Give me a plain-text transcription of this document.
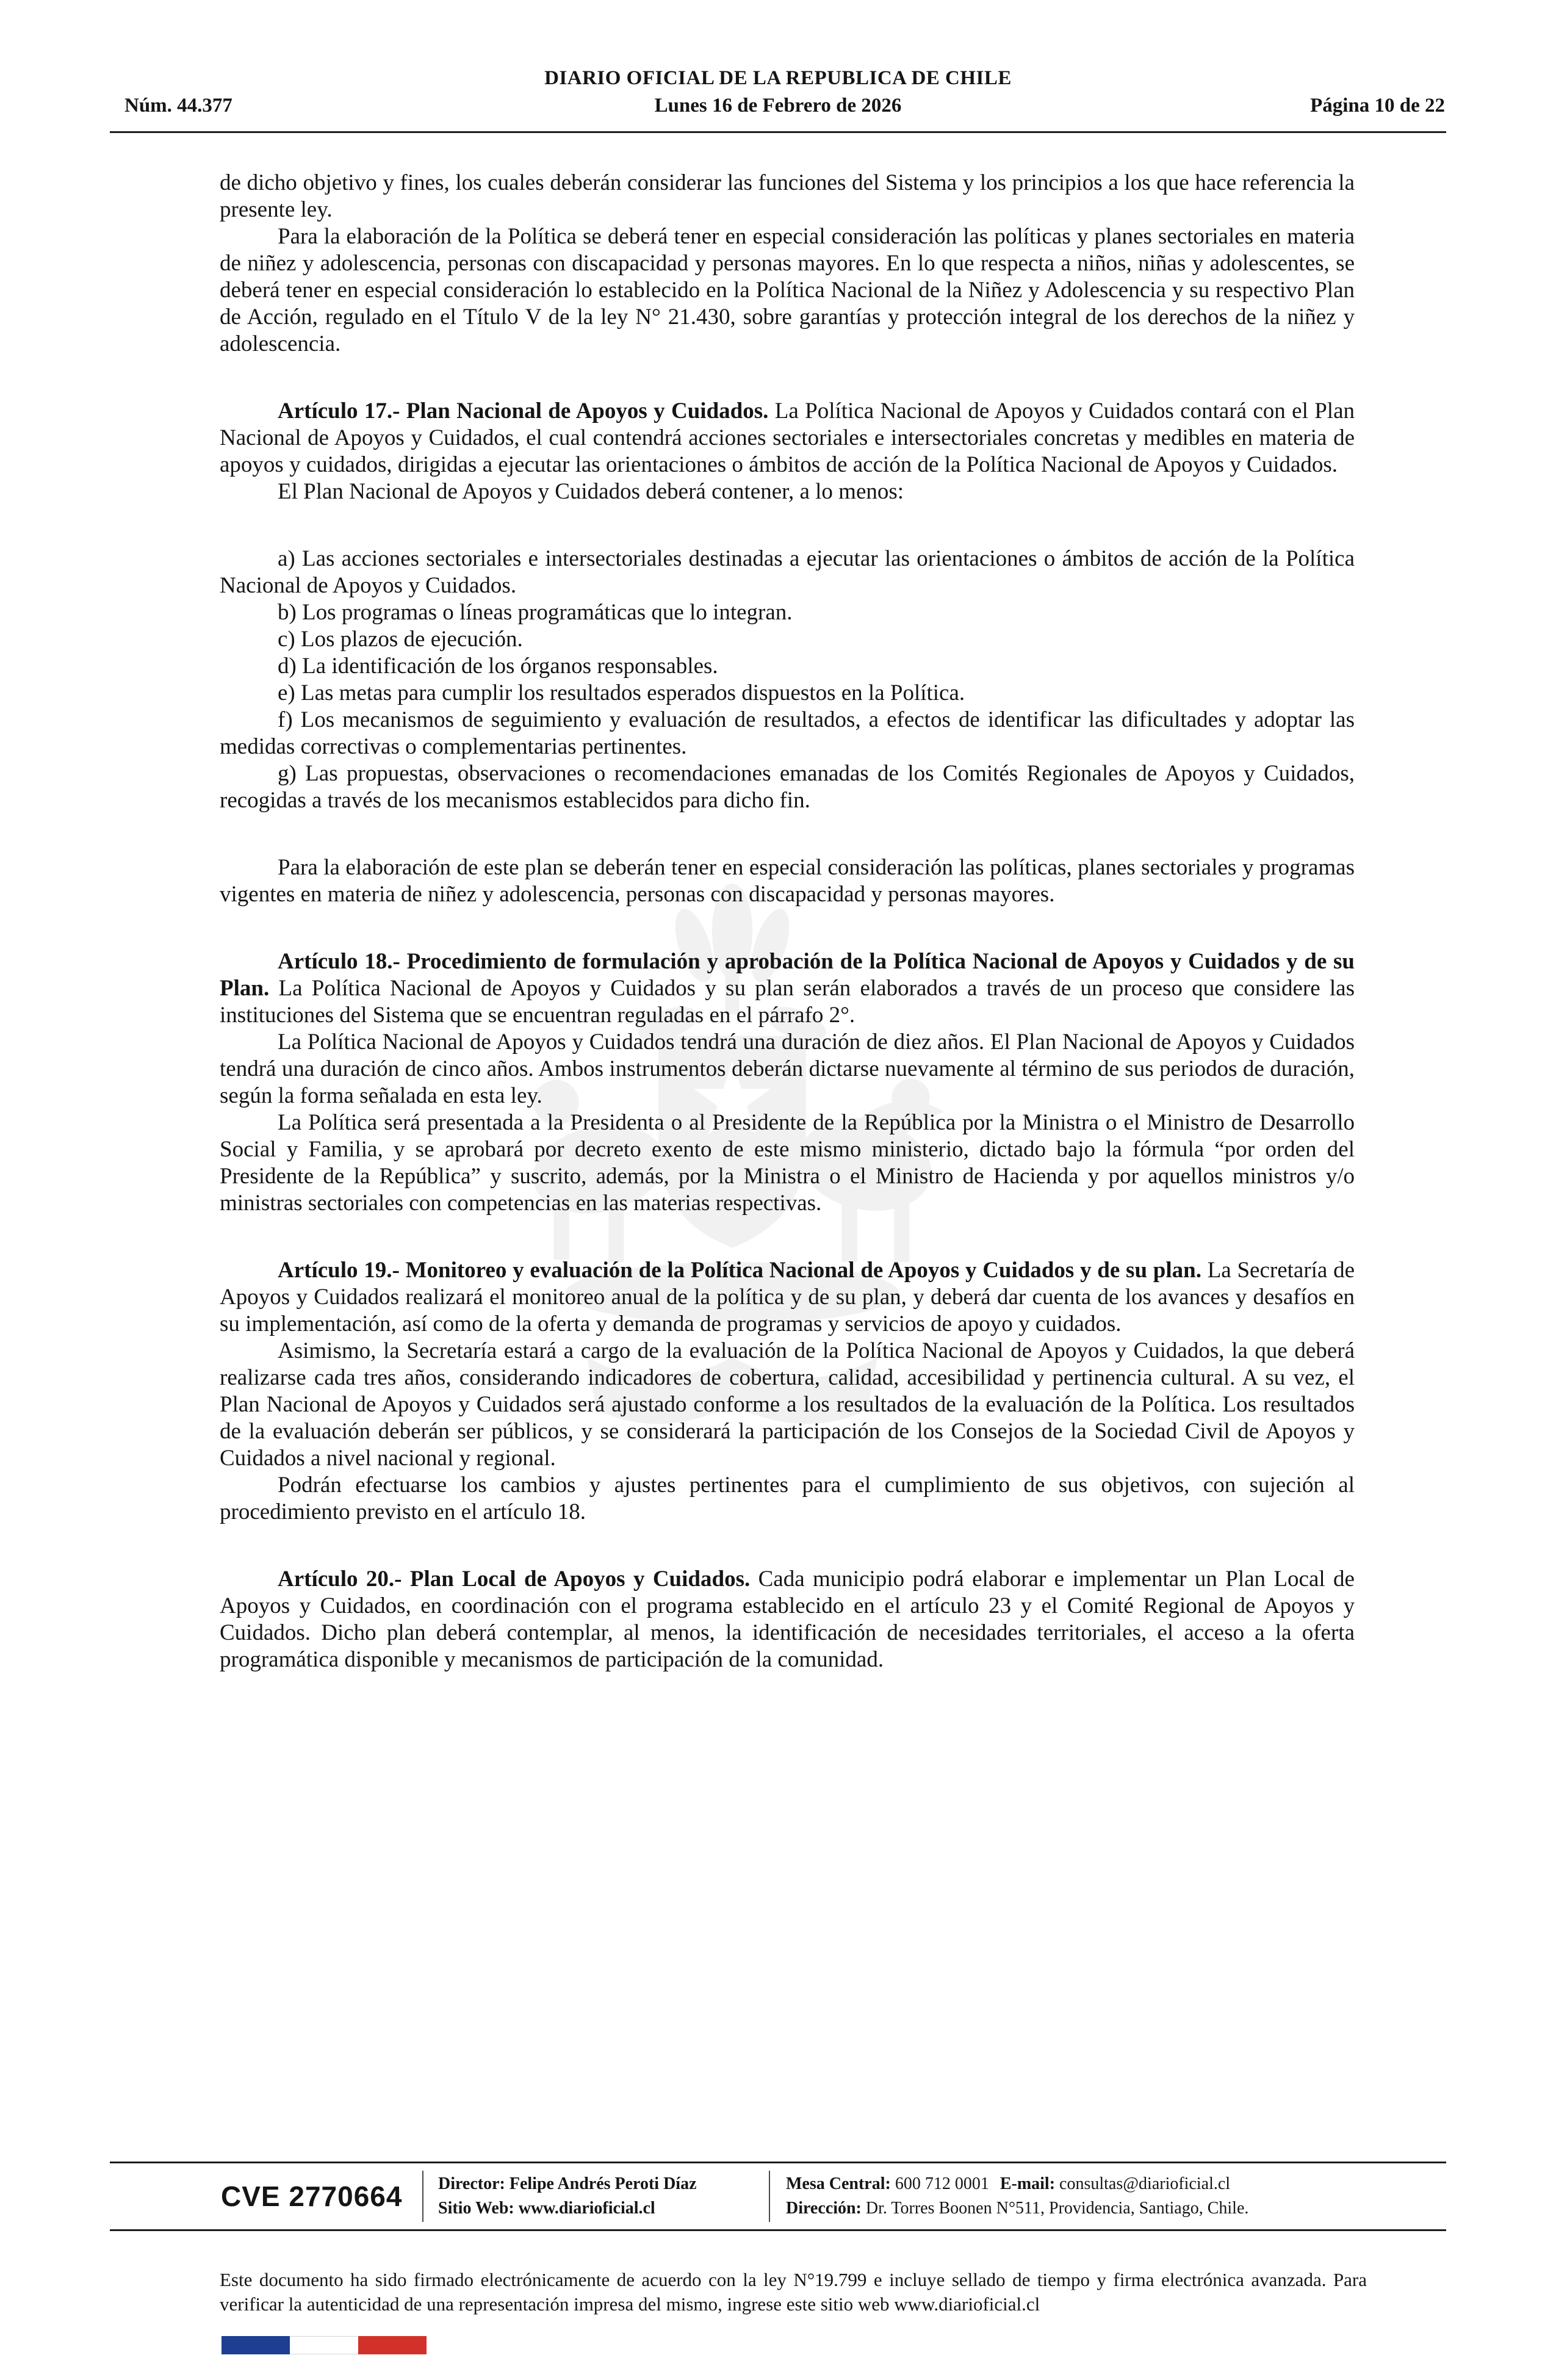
DIARIO OFICIAL DE LA REPUBLICA DE CHILE
Núm. 44.377	Lunes 16 de Febrero de 2026	Página 10 de 22

de dicho objetivo y fines, los cuales deberán considerar las funciones del Sistema y los principios a los que hace referencia la presente ley.

Para la elaboración de la Política se deberá tener en especial consideración las políticas y planes sectoriales en materia de niñez y adolescencia, personas con discapacidad y personas mayores. En lo que respecta a niños, niñas y adolescentes, se deberá tener en especial consideración lo establecido en la Política Nacional de la Niñez y Adolescencia y su respectivo Plan de Acción, regulado en el Título V de la ley N° 21.430, sobre garantías y protección integral de los derechos de la niñez y adolescencia.

Artículo 17.- Plan Nacional de Apoyos y Cuidados. La Política Nacional de Apoyos y Cuidados contará con el Plan Nacional de Apoyos y Cuidados, el cual contendrá acciones sectoriales e intersectoriales concretas y medibles en materia de apoyos y cuidados, dirigidas a ejecutar las orientaciones o ámbitos de acción de la Política Nacional de Apoyos y Cuidados.

El Plan Nacional de Apoyos y Cuidados deberá contener, a lo menos:

a) Las acciones sectoriales e intersectoriales destinadas a ejecutar las orientaciones o ámbitos de acción de la Política Nacional de Apoyos y Cuidados.

b) Los programas o líneas programáticas que lo integran.

c) Los plazos de ejecución.

d) La identificación de los órganos responsables.

e) Las metas para cumplir los resultados esperados dispuestos en la Política.

f) Los mecanismos de seguimiento y evaluación de resultados, a efectos de identificar las dificultades y adoptar las medidas correctivas o complementarias pertinentes.

g) Las propuestas, observaciones o recomendaciones emanadas de los Comités Regionales de Apoyos y Cuidados, recogidas a través de los mecanismos establecidos para dicho fin.

Para la elaboración de este plan se deberán tener en especial consideración las políticas, planes sectoriales y programas vigentes en materia de niñez y adolescencia, personas con discapacidad y personas mayores.

Artículo 18.- Procedimiento de formulación y aprobación de la Política Nacional de Apoyos y Cuidados y de su Plan. La Política Nacional de Apoyos y Cuidados y su plan serán elaborados a través de un proceso que considere las instituciones del Sistema que se encuentran reguladas en el párrafo 2°.

La Política Nacional de Apoyos y Cuidados tendrá una duración de diez años. El Plan Nacional de Apoyos y Cuidados tendrá una duración de cinco años. Ambos instrumentos deberán dictarse nuevamente al término de sus periodos de duración, según la forma señalada en esta ley.

La Política será presentada a la Presidenta o al Presidente de la República por la Ministra o el Ministro de Desarrollo Social y Familia, y se aprobará por decreto exento de este mismo ministerio, dictado bajo la fórmula “por orden del Presidente de la República” y suscrito, además, por la Ministra o el Ministro de Hacienda y por aquellos ministros y/o ministras sectoriales con competencias en las materias respectivas.

Artículo 19.- Monitoreo y evaluación de la Política Nacional de Apoyos y Cuidados y de su plan. La Secretaría de Apoyos y Cuidados realizará el monitoreo anual de la política y de su plan, y deberá dar cuenta de los avances y desafíos en su implementación, así como de la oferta y demanda de programas y servicios de apoyo y cuidados.

Asimismo, la Secretaría estará a cargo de la evaluación de la Política Nacional de Apoyos y Cuidados, la que deberá realizarse cada tres años, considerando indicadores de cobertura, calidad, accesibilidad y pertinencia cultural. A su vez, el Plan Nacional de Apoyos y Cuidados será ajustado conforme a los resultados de la evaluación de la Política. Los resultados de la evaluación deberán ser públicos, y se considerará la participación de los Consejos de la Sociedad Civil de Apoyos y Cuidados a nivel nacional y regional.

Podrán efectuarse los cambios y ajustes pertinentes para el cumplimiento de sus objetivos, con sujeción al procedimiento previsto en el artículo 18.

Artículo 20.- Plan Local de Apoyos y Cuidados. Cada municipio podrá elaborar e implementar un Plan Local de Apoyos y Cuidados, en coordinación con el programa establecido en el artículo 23 y el Comité Regional de Apoyos y Cuidados. Dicho plan deberá contemplar, al menos, la identificación de necesidades territoriales, el acceso a la oferta programática disponible y mecanismos de participación de la comunidad.

CVE 2770664	Director: Felipe Andrés Peroti Díaz
Sitio Web: www.diarioficial.cl
Mesa Central: 600 712 0001 E-mail: consultas@diarioficial.cl
Dirección: Dr. Torres Boonen N°511, Providencia, Santiago, Chile.
Este documento ha sido firmado electrónicamente de acuerdo con la ley N°19.799 e incluye sellado de tiempo y firma electrónica avanzada. Para verificar la autenticidad de una representación impresa del mismo, ingrese este sitio web www.diarioficial.cl
